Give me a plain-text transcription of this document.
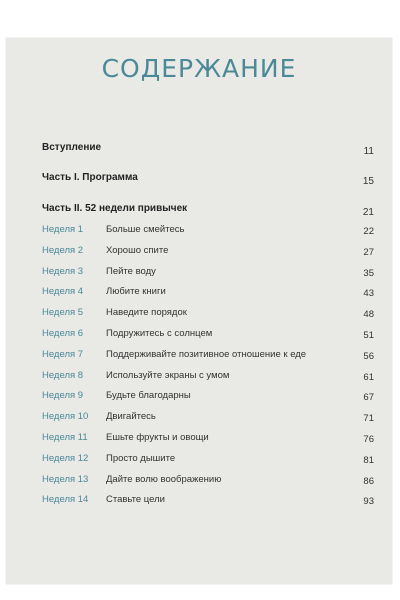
СОДЕРЖАНИЕ
Вступление	11
Часть I. Программа	15
Часть II. 52 недели привычек	21
Неделя 1 Больше смейтесь	22
Неделя 2 Хорошо спите	27
Неделя 3 Пейте воду	35
Неделя 4 Любите книги	43
Неделя 5 Наведите порядок	48
Неделя 6 Подружитесь с солнцем	51
Неделя 7 Поддерживайте позитивное отношение к еде	56
Неделя 8 Используйте экраны с умом	61
Неделя 9 Будьте благодарны	67
Неделя 10 Двигайтесь	71
Неделя 11 Ешьте фрукты и овощи	76
Неделя 12 Просто дышите	81
Неделя 13 Дайте волю воображению	86
Неделя 14 Ставьте цели	93
